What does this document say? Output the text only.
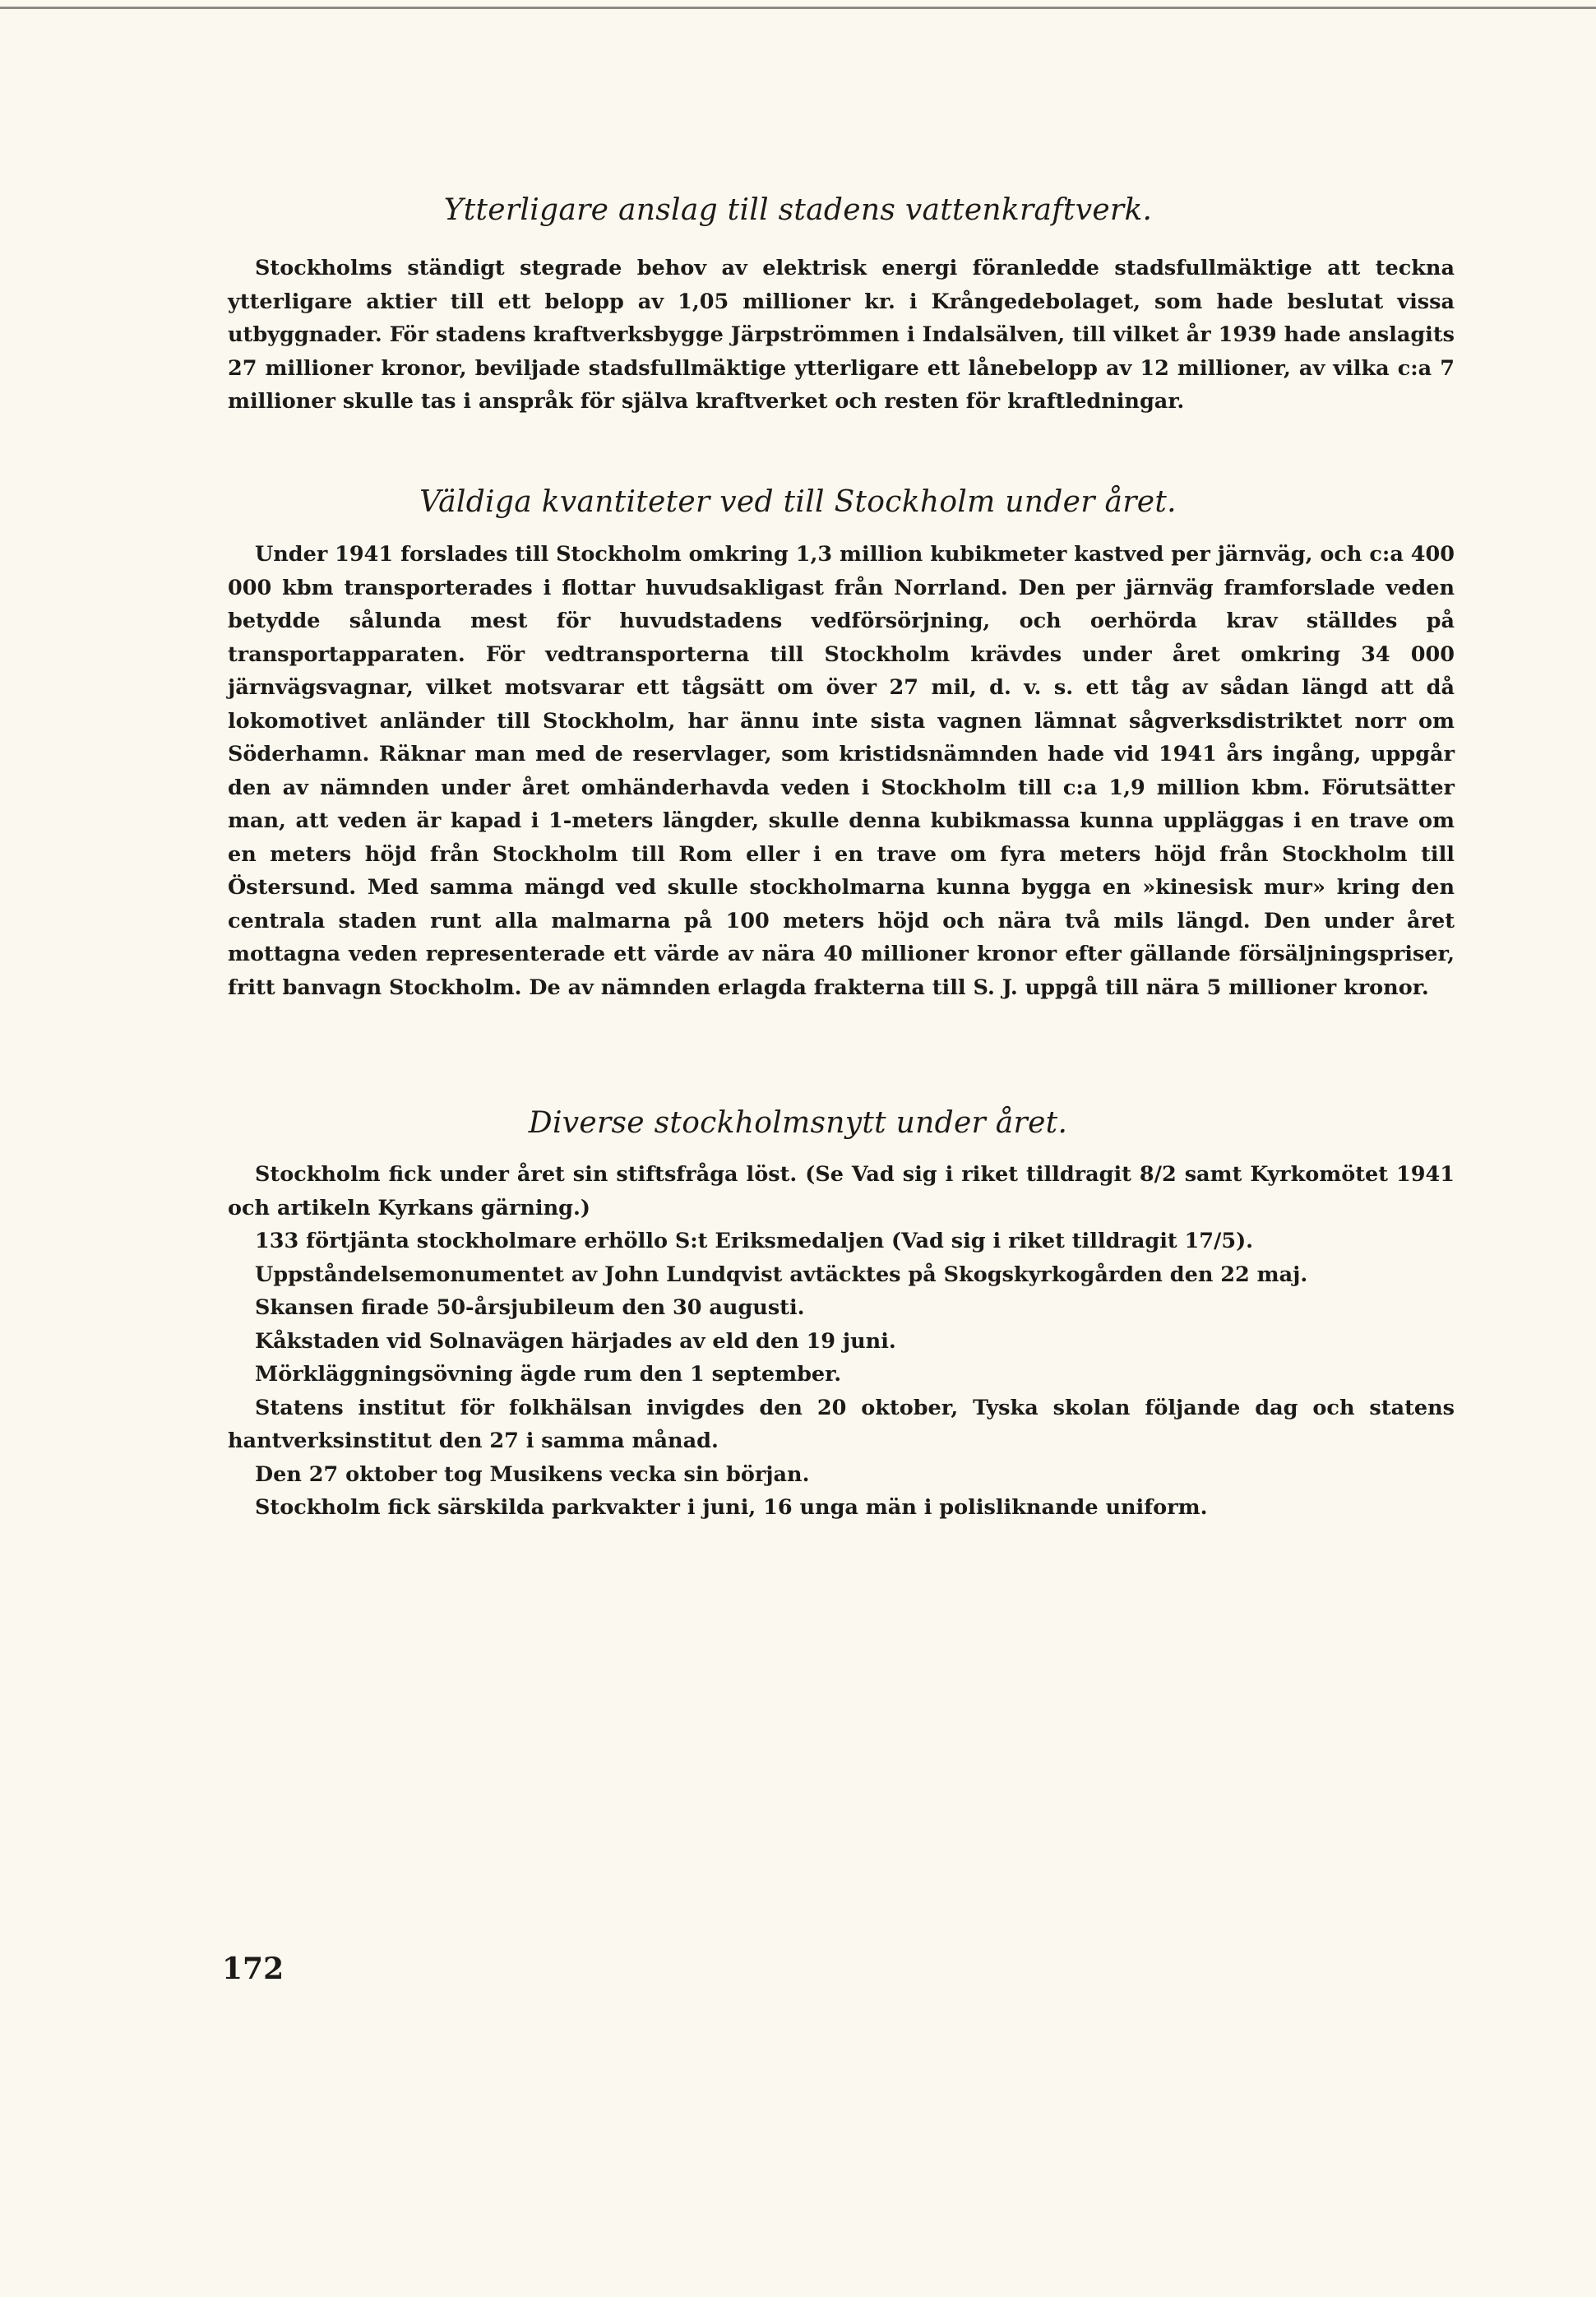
Ytterligare anslag till stadens vattenkraftverk.

Stockholms ständigt stegrade behov av elektrisk energi föranledde stadsfullmäktige att teckna ytterligare aktier till ett belopp av 1,05 millioner kr. i Krångedebolaget, som hade beslutat vissa utbyggnader. För stadens kraftverksbygge Järpströmmen i Indalsälven, till vilket år 1939 hade anslagits 27 millioner kronor, beviljade stadsfullmäktige ytterligare ett lånebelopp av 12 millioner, av vilka c:a 7 millioner skulle tas i anspråk för själva kraftverket och resten för kraftledningar.

Väldiga kvantiteter ved till Stockholm under året.

Under 1941 forslades till Stockholm omkring 1,3 million kubikmeter kastved per järnväg, och c:a 400 000 kbm transporterades i flottar huvudsakligast från Norrland. Den per järnväg framforslade veden betydde sålunda mest för huvudstadens vedförsörjning, och oerhörda krav ställdes på transportapparaten. För vedtransporterna till Stockholm krävdes under året omkring 34 000 järnvägsvagnar, vilket motsvarar ett tågsätt om över 27 mil, d. v. s. ett tåg av sådan längd att då lokomotivet anländer till Stockholm, har ännu inte sista vagnen lämnat sågverksdistriktet norr om Söderhamn. Räknar man med de reservlager, som kristidsnämnden hade vid 1941 års ingång, uppgår den av nämnden under året omhänderhavda veden i Stockholm till c:a 1,9 million kbm. Förutsätter man, att veden är kapad i 1-meters längder, skulle denna kubikmassa kunna uppläggas i en trave om en meters höjd från Stockholm till Rom eller i en trave om fyra meters höjd från Stockholm till Östersund. Med samma mängd ved skulle stockholmarna kunna bygga en »kinesisk mur» kring den centrala staden runt alla malmarna på 100 meters höjd och nära två mils längd. Den under året mottagna veden representerade ett värde av nära 40 millioner kronor efter gällande försäljningspriser, fritt banvagn Stockholm. De av nämnden erlagda frakterna till S. J. uppgå till nära 5 millioner kronor.

Diverse stockholmsnytt under året.

Stockholm fick under året sin stiftsfråga löst. (Se Vad sig i riket tilldragit 8/2 samt Kyrkomötet 1941 och artikeln Kyrkans gärning.)

133 förtjänta stockholmare erhöllo S:t Eriksmedaljen (Vad sig i riket tilldragit 17/5).

Uppståndelsemonumentet av John Lundqvist avtäcktes på Skogskyrkogården den 22 maj.

Skansen firade 50-årsjubileum den 30 augusti.

Kåkstaden vid Solnavägen härjades av eld den 19 juni.

Mörkläggningsövning ägde rum den 1 september.

Statens institut för folkhälsan invigdes den 20 oktober, Tyska skolan följande dag och statens hantverksinstitut den 27 i samma månad.

Den 27 oktober tog Musikens vecka sin början.

Stockholm fick särskilda parkvakter i juni, 16 unga män i polisliknande uniform.

172
